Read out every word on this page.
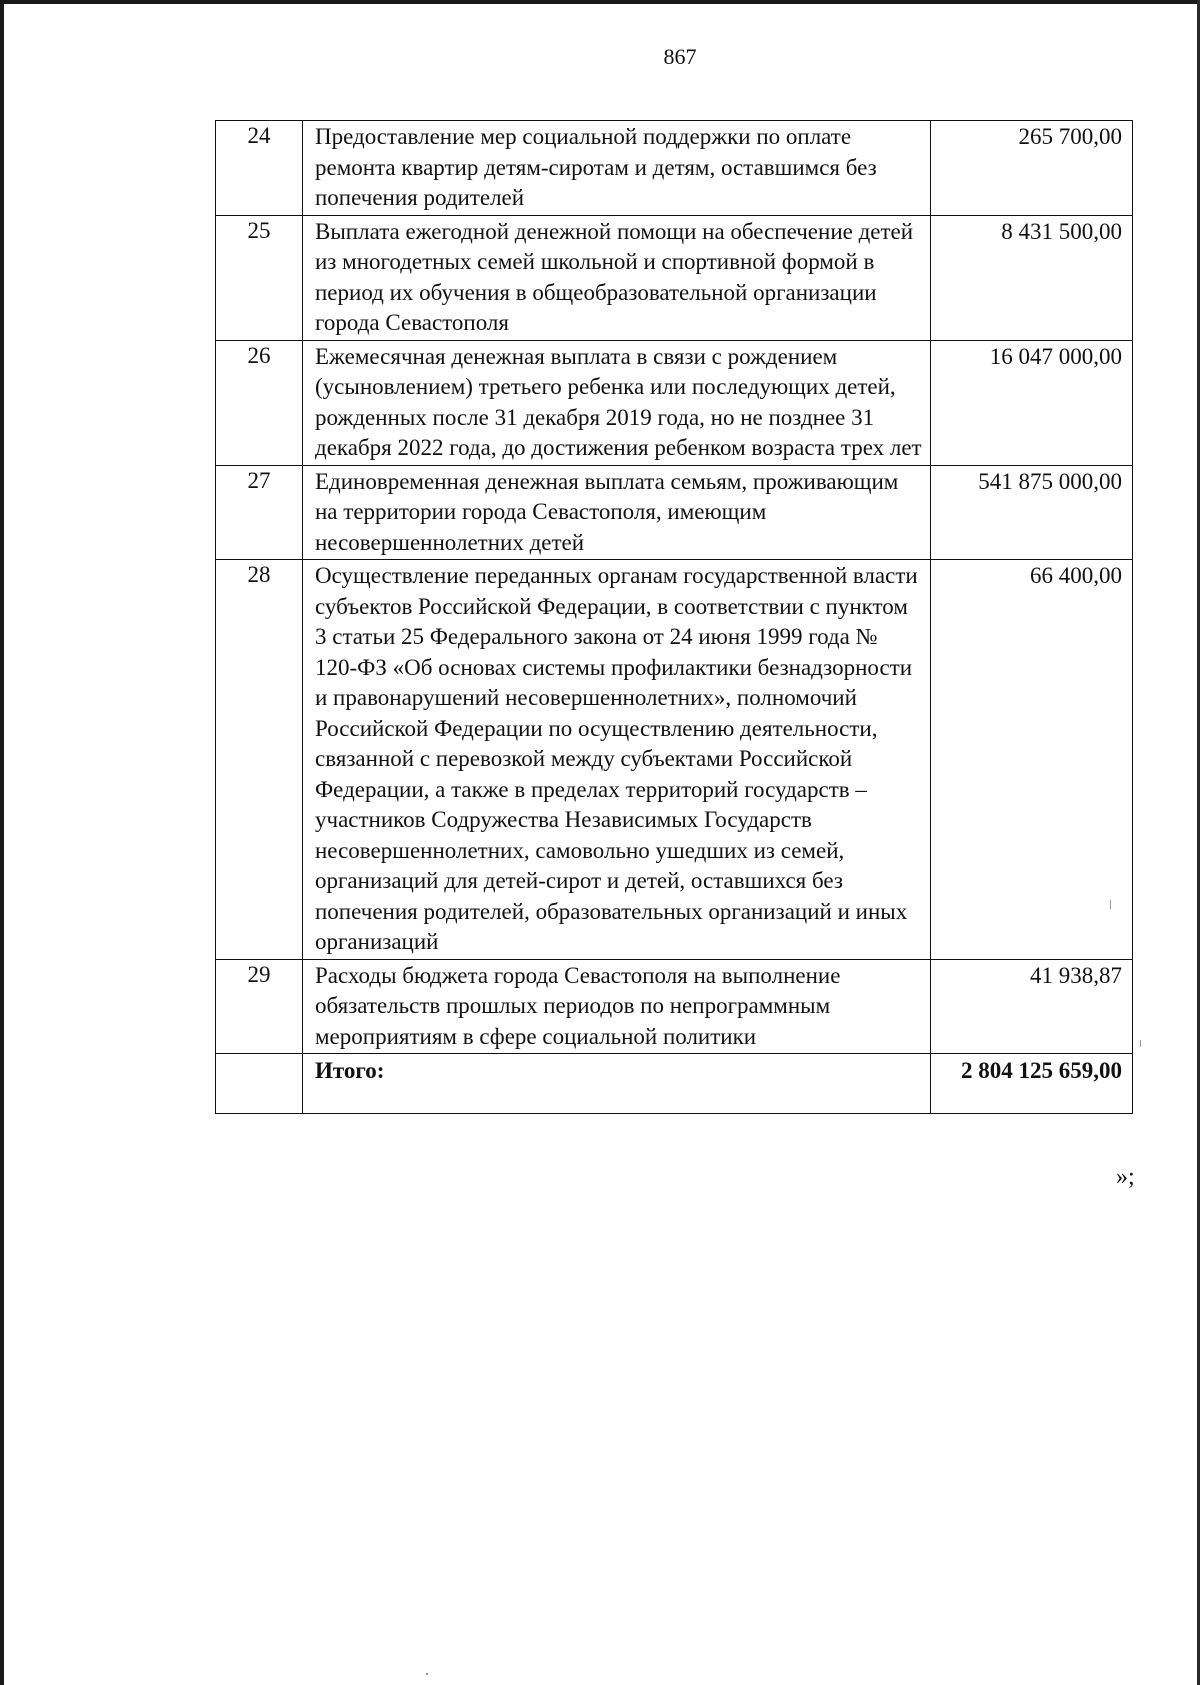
867
24	Предоставление мер социальной поддержки по оплате ремонта квартир детям-сиротам и детям, оставшимся без попечения родителей	265 700,00
25	Выплата ежегодной денежной помощи на обеспечение детей из многодетных семей школьной и спортивной формой в период их обучения в общеобразовательной организации города Севастополя	8 431 500,00
26	Ежемесячная денежная выплата в связи с рождением (усыновлением) третьего ребенка или последующих детей, рожденных после 31 декабря 2019 года, но не позднее 31 декабря 2022 года, до достижения ребенком возраста трех лет	16 047 000,00
27	Единовременная денежная выплата семьям, проживающим на территории города Севастополя, имеющим несовершеннолетних детей	541 875 000,00
28	Осуществление переданных органам государственной власти субъектов Российской Федерации, в соответствии с пунктом 3 статьи 25 Федерального закона от 24 июня 1999 года № 120-ФЗ «Об основах системы профилактики безнадзорности и правонарушений несовершеннолетних», полномочий Российской Федерации по осуществлению деятельности, связанной с перевозкой между субъектами Российской Федерации, а также в пределах территорий государств – участников Содружества Независимых Государств несовершеннолетних, самовольно ушедших из семей, организаций для детей-сирот и детей, оставшихся без попечения родителей, образовательных организаций и иных организаций	66 400,00
29	Расходы бюджета города Севастополя на выполнение обязательств прошлых периодов по непрограммным мероприятиям в сфере социальной политики	41 938,87
	Итого:	2 804 125 659,00
»;
